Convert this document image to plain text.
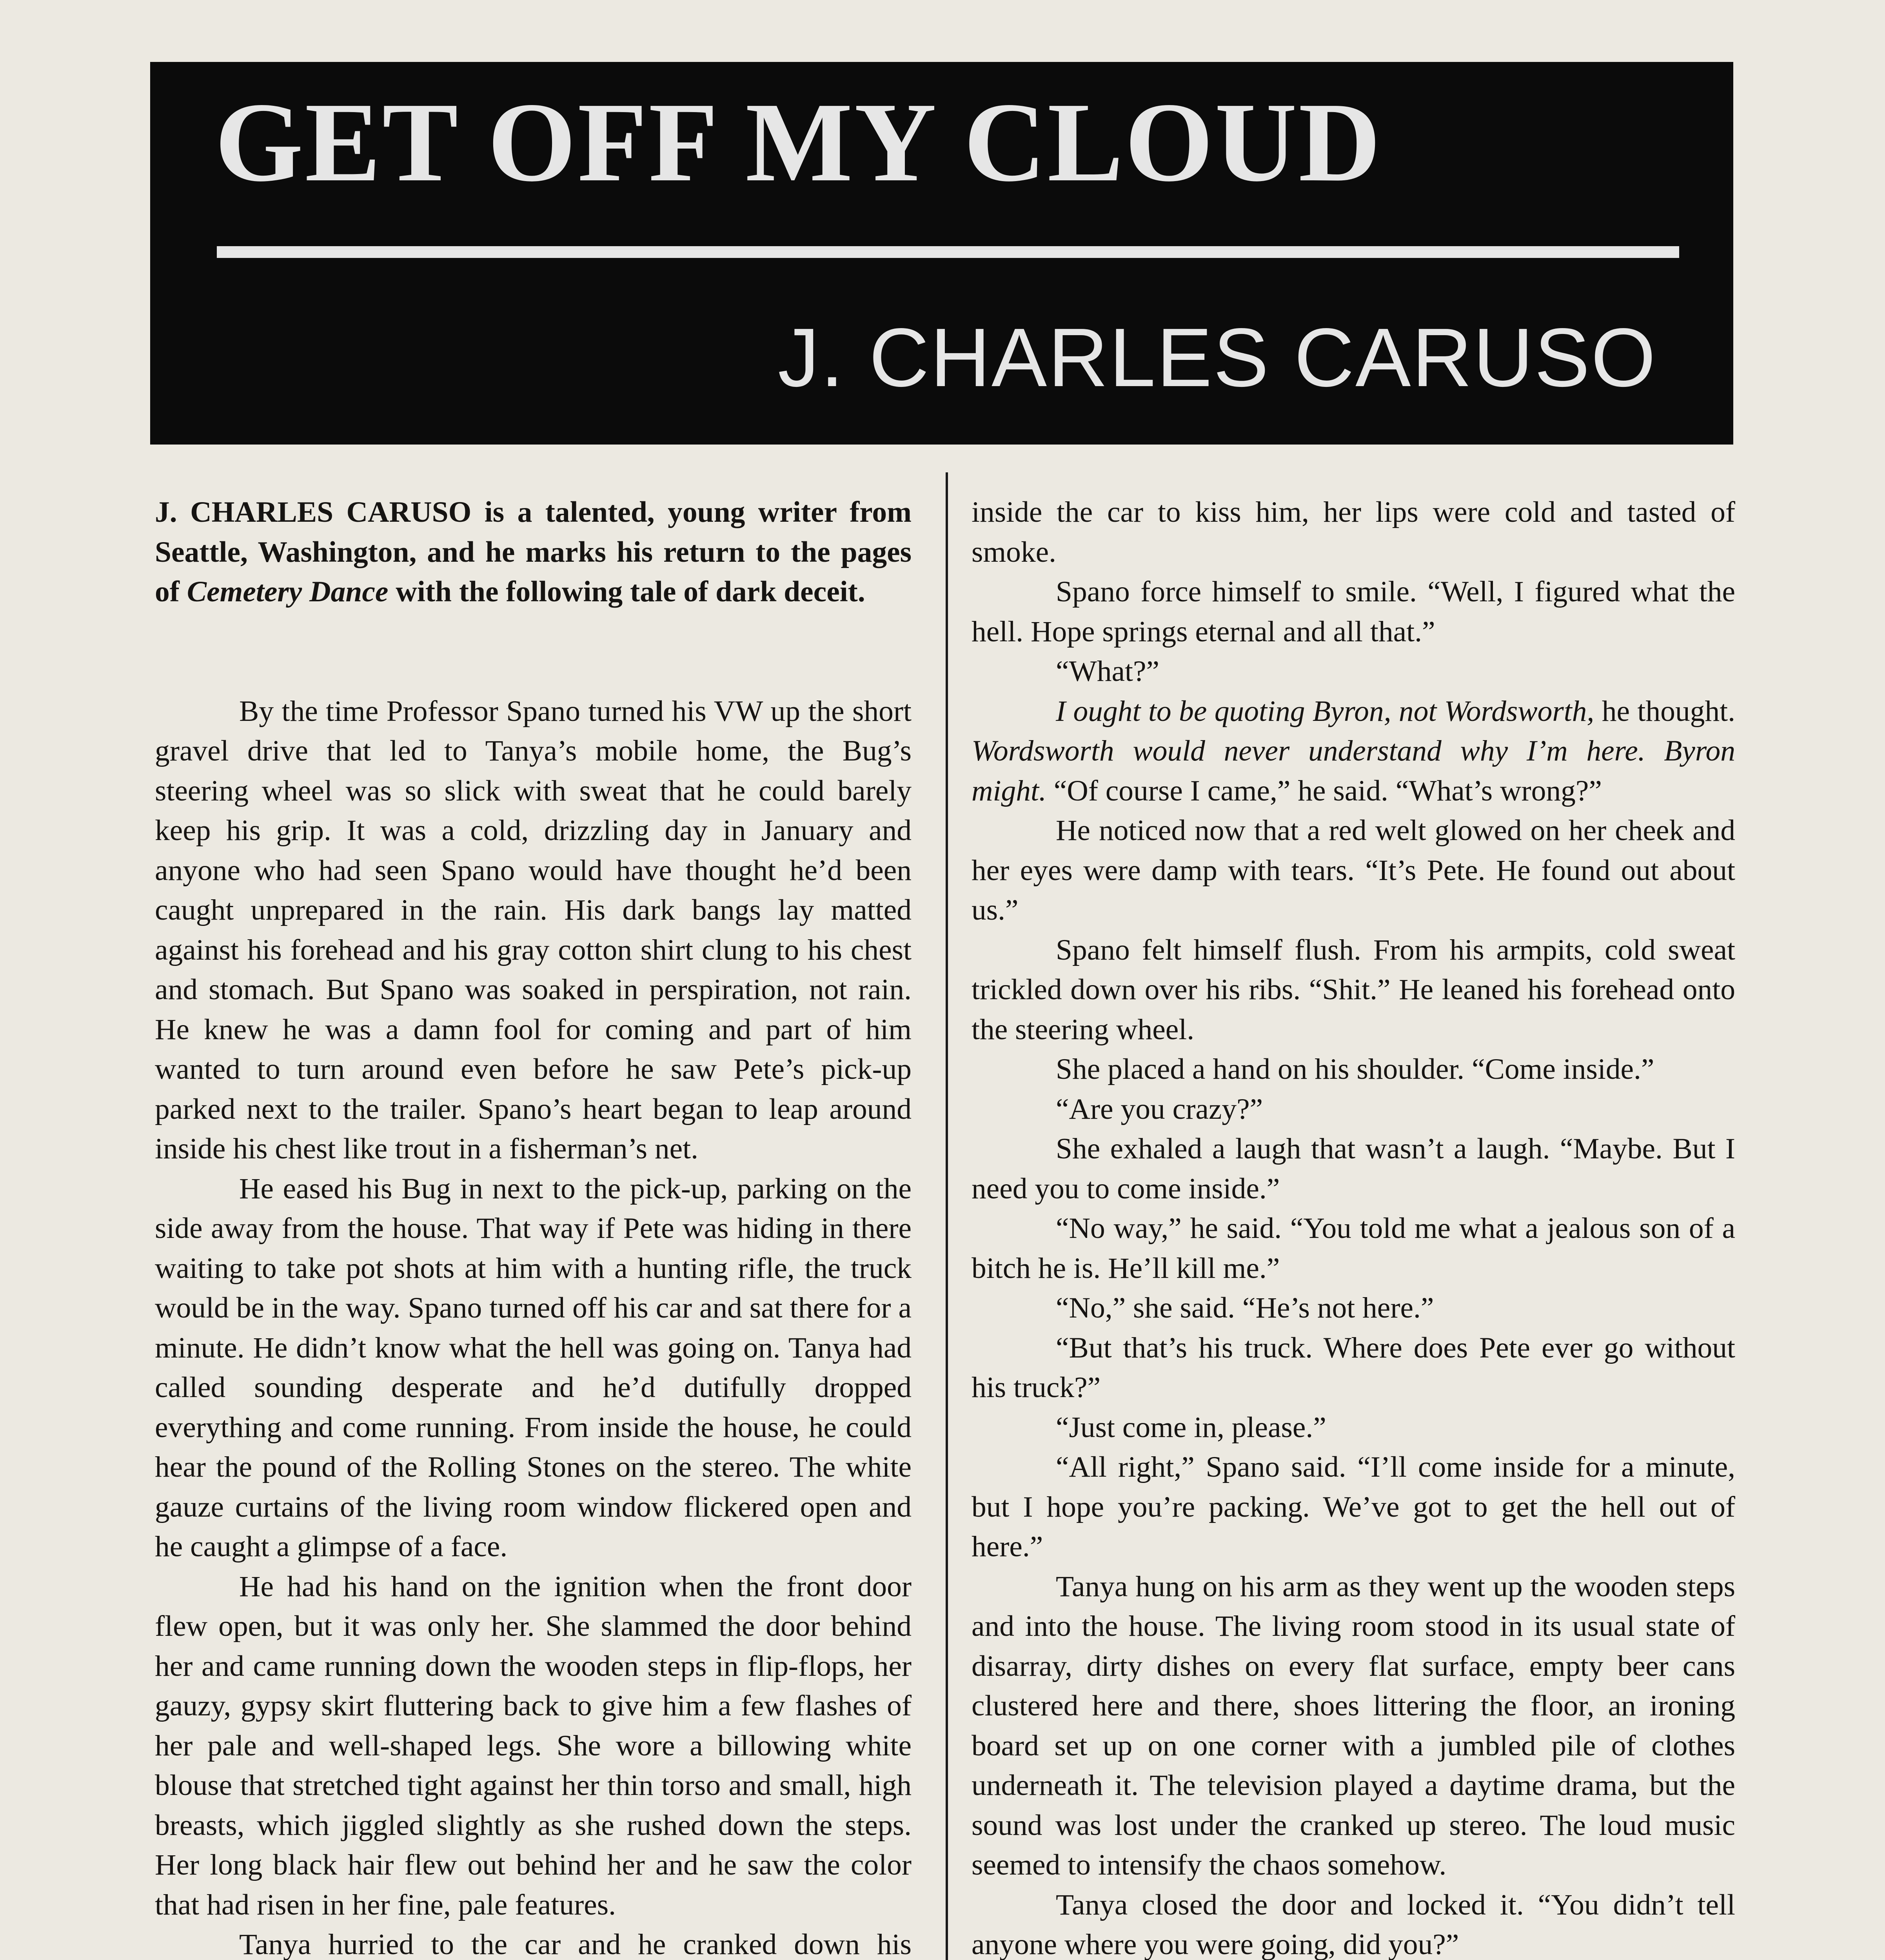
GET OFF MY CLOUD
J. CHARLES CARUSO

J. CHARLES CARUSO is a talented, young writer from Seattle, Washington, and he marks his return to the pages of Cemetery Dance with the following tale of dark deceit.

By the time Professor Spano turned his VW up the short gravel drive that led to Tanya’s mobile home, the Bug’s steering wheel was so slick with sweat that he could barely keep his grip. It was a cold, drizzling day in January and anyone who had seen Spano would have thought he’d been caught unprepared in the rain. His dark bangs lay matted against his forehead and his gray cotton shirt clung to his chest and stomach. But Spano was soaked in perspiration, not rain. He knew he was a damn fool for coming and part of him wanted to turn around even before he saw Pete’s pick-up parked next to the trailer. Spano’s heart began to leap around inside his chest like trout in a fisherman’s net.

He eased his Bug in next to the pick-up, parking on the side away from the house. That way if Pete was hiding in there waiting to take pot shots at him with a hunting rifle, the truck would be in the way. Spano turned off his car and sat there for a minute. He didn’t know what the hell was going on. Tanya had called sounding desperate and he’d dutifully dropped everything and come running. From inside the house, he could hear the pound of the Rolling Stones on the stereo. The white gauze curtains of the living room window flickered open and he caught a glimpse of a face.

He had his hand on the ignition when the front door flew open, but it was only her. She slammed the door behind her and came running down the wooden steps in flip-flops, her gauzy, gypsy skirt fluttering back to give him a few flashes of her pale and well-shaped legs. She wore a billowing white blouse that stretched tight against her thin torso and small, high breasts, which jiggled slightly as she rushed down the steps. Her long black hair flew out behind her and he saw the color that had risen in her fine, pale features.

Tanya hurried to the car and he cranked down his

inside the car to kiss him, her lips were cold and tasted of smoke.

Spano force himself to smile. “Well, I figured what the hell. Hope springs eternal and all that.”

“What?”

I ought to be quoting Byron, not Wordsworth, he thought. Wordsworth would never understand why I’m here. Byron might. “Of course I came,” he said. “What’s wrong?”

He noticed now that a red welt glowed on her cheek and her eyes were damp with tears. “It’s Pete. He found out about us.”

Spano felt himself flush. From his armpits, cold sweat trickled down over his ribs. “Shit.” He leaned his forehead onto the steering wheel.

She placed a hand on his shoulder. “Come inside.”

“Are you crazy?”

She exhaled a laugh that wasn’t a laugh. “Maybe. But I need you to come inside.”

“No way,” he said. “You told me what a jealous son of a bitch he is. He’ll kill me.”

“No,” she said. “He’s not here.”

“But that’s his truck. Where does Pete ever go without his truck?”

“Just come in, please.”

“All right,” Spano said. “I’ll come inside for a minute, but I hope you’re packing. We’ve got to get the hell out of here.”

Tanya hung on his arm as they went up the wooden steps and into the house. The living room stood in its usual state of disarray, dirty dishes on every flat surface, empty beer cans clustered here and there, shoes littering the floor, an ironing board set up on one corner with a jumbled pile of clothes underneath it. The television played a daytime drama, but the sound was lost under the cranked up stereo. The loud music seemed to intensify the chaos somehow.

Tanya closed the door and locked it. “You didn’t tell anyone where you were going, did you?”
